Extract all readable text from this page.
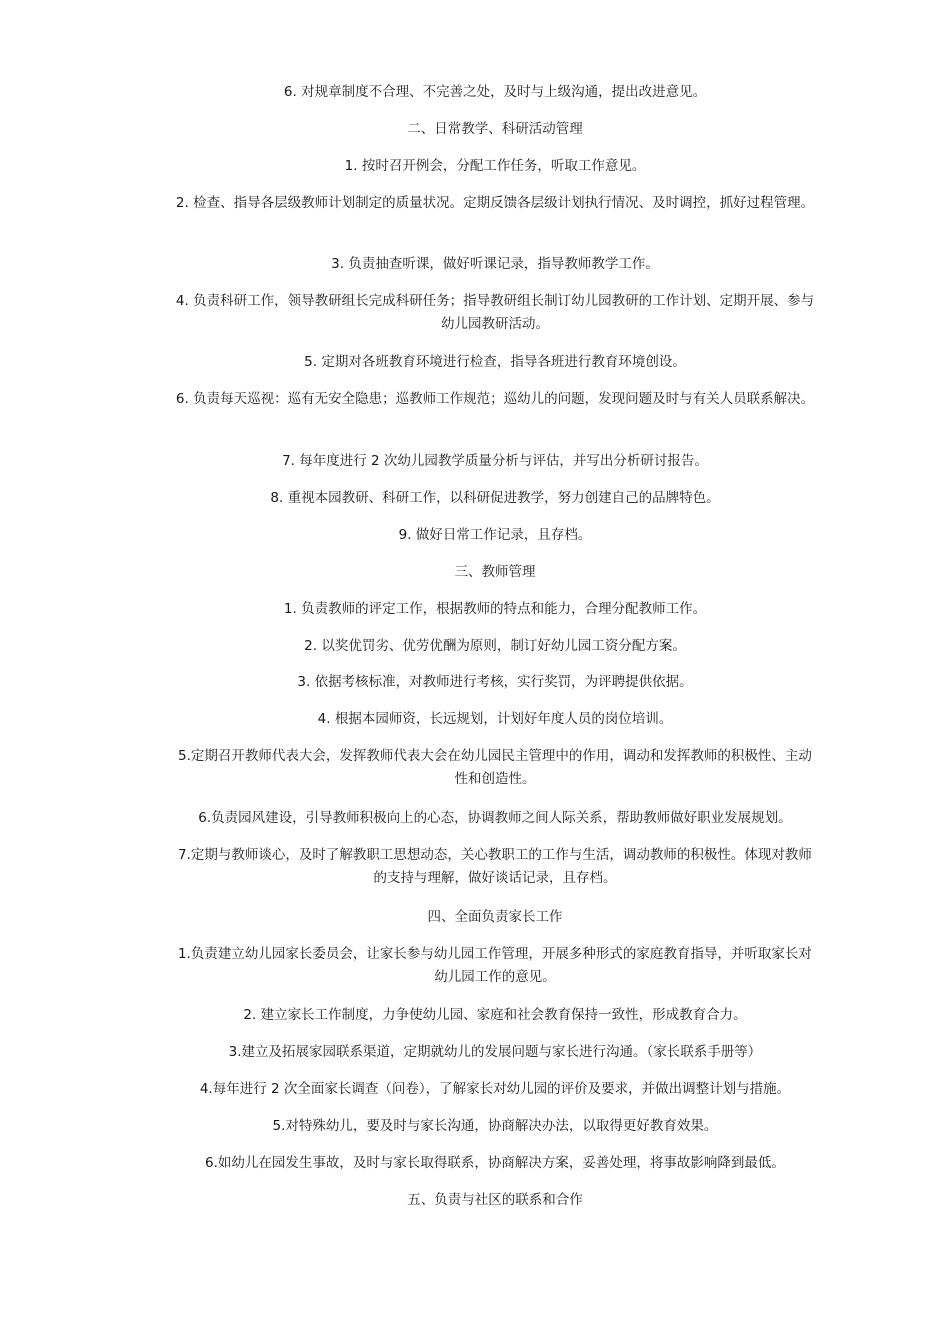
6. 对规章制度不合理、不完善之处，及时与上级沟通，提出改进意见。
二、日常教学、科研活动管理
1. 按时召开例会，分配工作任务，听取工作意见。
2. 检查、指导各层级教师计划制定的质量状况。定期反馈各层级计划执行情况、及时调控，抓好过程管理。
3. 负责抽查听课，做好听课记录，指导教师教学工作。
4. 负责科研工作，领导教研组长完成科研任务；指导教研组长制订幼儿园教研的工作计划、定期开展、参与幼儿园教研活动。
5. 定期对各班教育环境进行检查，指导各班进行教育环境创设。
6. 负责每天巡视：巡有无安全隐患；巡教师工作规范；巡幼儿的问题，发现问题及时与有关人员联系解决。
7. 每年度进行 2 次幼儿园教学质量分析与评估，并写出分析研讨报告。
8. 重视本园教研、科研工作，以科研促进教学，努力创建自己的品牌特色。
9. 做好日常工作记录，且存档。
三、教师管理
1. 负责教师的评定工作，根据教师的特点和能力，合理分配教师工作。
2. 以奖优罚劣、优劳优酬为原则，制订好幼儿园工资分配方案。
3. 依据考核标准，对教师进行考核，实行奖罚，为评聘提供依据。
4. 根据本园师资，长远规划，计划好年度人员的岗位培训。
5.定期召开教师代表大会，发挥教师代表大会在幼儿园民主管理中的作用，调动和发挥教师的积极性、主动性和创造性。
6.负责园风建设，引导教师积极向上的心态，协调教师之间人际关系，帮助教师做好职业发展规划。
7.定期与教师谈心，及时了解教职工思想动态，关心教职工的工作与生活，调动教师的积极性。体现对教师的支持与理解，做好谈话记录，且存档。
四、全面负责家长工作
1.负责建立幼儿园家长委员会，让家长参与幼儿园工作管理，开展多种形式的家庭教育指导，并听取家长对幼儿园工作的意见。
2. 建立家长工作制度，力争使幼儿园、家庭和社会教育保持一致性，形成教育合力。
3.建立及拓展家园联系渠道，定期就幼儿的发展问题与家长进行沟通。（家长联系手册等）
4.每年进行 2 次全面家长调查（问卷），了解家长对幼儿园的评价及要求，并做出调整计划与措施。
5.对特殊幼儿，要及时与家长沟通，协商解决办法，以取得更好教育效果。
6.如幼儿在园发生事故，及时与家长取得联系，协商解决方案，妥善处理，将事故影响降到最低。
五、负责与社区的联系和合作
